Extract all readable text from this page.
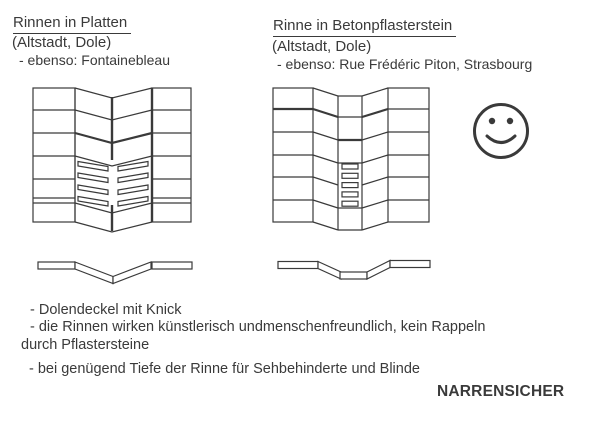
Rinnen in Platten
(Altstadt, Dole)
- ebenso: Fontainebleau
Rinne in Betonpflasterstein
(Altstadt, Dole)
- ebenso: Rue Frédéric Piton, Strasbourg
- Dolendeckel mit Knick
- die Rinnen wirken künstlerisch undmenschenfreundlich, kein Rappeln
durch Pflastersteine
- bei genügend Tiefe der Rinne für Sehbehinderte und Blinde
NARRENSICHER
